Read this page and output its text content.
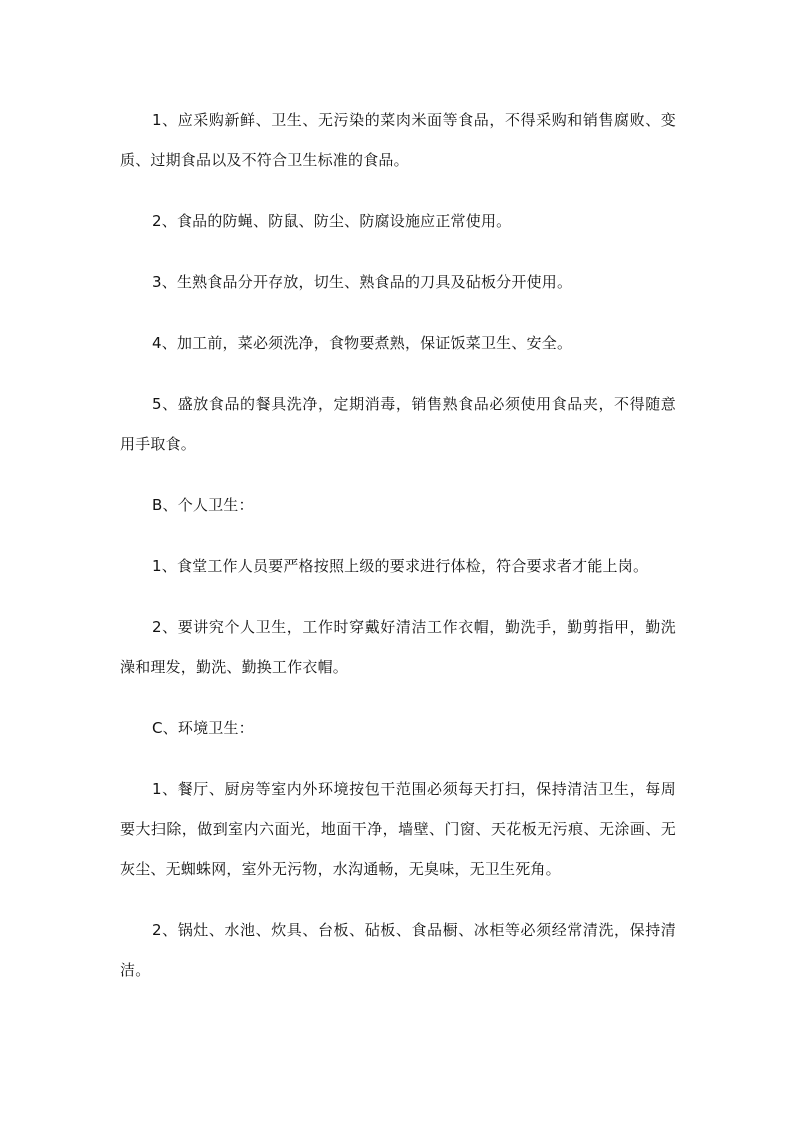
1、应采购新鲜、卫生、无污染的菜肉米面等食品，不得采购和销售腐败、变质、过期食品以及不符合卫生标准的食品。

2、食品的防蝇、防鼠、防尘、防腐设施应正常使用。

3、生熟食品分开存放，切生、熟食品的刀具及砧板分开使用。

4、加工前，菜必须洗净，食物要煮熟，保证饭菜卫生、安全。

5、盛放食品的餐具洗净，定期消毒，销售熟食品必须使用食品夹，不得随意用手取食。

B、个人卫生：

1、食堂工作人员要严格按照上级的要求进行体检，符合要求者才能上岗。

2、要讲究个人卫生，工作时穿戴好清洁工作衣帽，勤洗手，勤剪指甲，勤洗澡和理发，勤洗、勤换工作衣帽。

C、环境卫生：

1、餐厅、厨房等室内外环境按包干范围必须每天打扫，保持清洁卫生，每周要大扫除，做到室内六面光，地面干净，墙壁、门窗、天花板无污痕、无涂画、无灰尘、无蜘蛛网，室外无污物，水沟通畅，无臭味，无卫生死角。

2、锅灶、水池、炊具、台板、砧板、食品橱、冰柜等必须经常清洗，保持清洁。
